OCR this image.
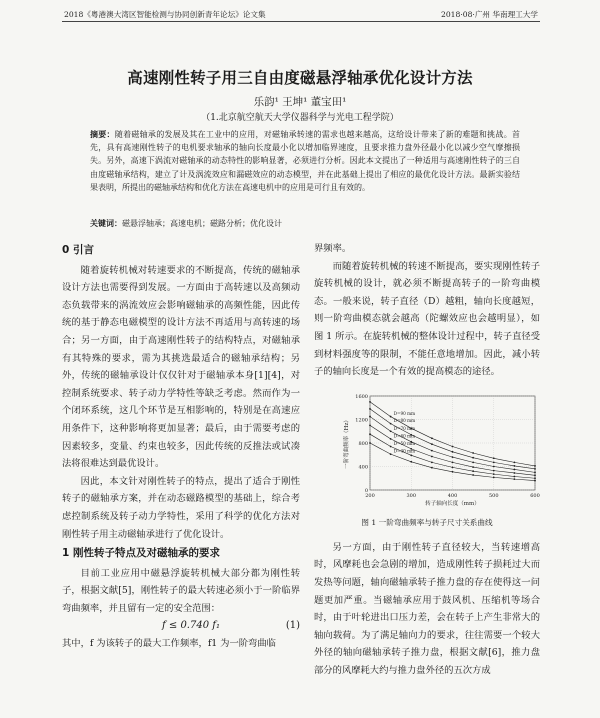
2018《粤港澳大湾区智能检测与协同创新青年论坛》论文集	2018·08·广州 华南理工大学
高速刚性转子用三自由度磁悬浮轴承优化设计方法
乐韵¹ 王坤¹ 董宝田¹
（1.北京航空航天大学仪器科学与光电工程学院）
摘要：随着磁轴承的发展及其在工业中的应用，对磁轴承转速的需求也越来越高，这给设计带来了新的难题和挑战。首先，具有高速刚性转子的电机要求轴承的轴向长度最小化以增加临界速度，且要求推力盘外径最小化以减少空气摩擦损失。另外，高速下涡流对磁轴承的动态特性的影响显著，必须进行分析。因此本文提出了一种适用与高速刚性转子的三自由度磁轴承结构，建立了计及涡流效应和漏磁效应的动态模型，并在此基础上提出了相应的最优化设计方法。最新实验结果表明，所提出的磁轴承结构和优化方法在高速电机中的应用是可行且有效的。
关键词：磁悬浮轴承；高速电机；磁路分析；优化设计

0 引言

随着旋转机械对转速要求的不断提高，传统的磁轴承设计方法也需要得到发展。一方面由于高转速以及高频动态负载带来的涡流效应会影响磁轴承的高频性能，因此传统的基于静态电磁模型的设计方法不再适用与高转速的场合；另一方面，由于高速刚性转子的结构特点，对磁轴承有其特殊的要求，需为其挑选最适合的磁轴承结构；另外，传统的磁轴承设计仅仅针对于磁轴承本身[1][4]，对控制系统要求、转子动力学特性等缺乏考虑。然而作为一个闭环系统，这几个环节是互相影响的，特别是在高速应用条件下，这种影响将更加显著；最后，由于需要考虑的因素较多，变量、约束也较多，因此传统的反推法或试凑法将很难达到最优设计。

因此，本文针对刚性转子的特点，提出了适合于刚性转子的磁轴承方案，并在动态磁路模型的基础上，综合考虑控制系统及转子动力学特性，采用了科学的优化方法对刚性转子用主动磁轴承进行了优化设计。

1 刚性转子特点及对磁轴承的要求

目前工业应用中磁悬浮旋转机械大部分都为刚性转子，根据文献[5]，刚性转子的最大转速必须小于一阶临界弯曲频率，并且留有一定的安全范围：

f ≤ 0.740 f₁	(1)

其中，f 为该转子的最大工作频率，f1 为一阶弯曲临

界频率。

而随着旋转机械的转速不断提高，要实现刚性转子旋转机械的设计，就必须不断提高转子的一阶弯曲模态。一般来说，转子直径（D）越粗，轴向长度越短，则一阶弯曲模态就会越高（陀螺效应也会越明显），如图 1 所示。在旋转机械的整体设计过程中，转子直径受到材料强度等的限制，不能任意地增加。因此，减小转子的轴向长度是一个有效的提高模态的途径。

另一方面，由于刚性转子直径较大，当转速增高时，风摩耗也会急剧的增加，造成刚性转子损耗过大而发热等问题，轴向磁轴承转子推力盘的存在使得这一问题更加严重。当磁轴承应用于鼓风机、压缩机等场合时，由于叶轮进出口压力差，会在转子上产生非常大的轴向载荷。为了满足轴向力的要求，往往需要一个较大外径的轴向磁轴承转子推力盘，根据文献[6]，推力盘部分的风摩耗大约与推力盘外径的五次方成

0
400
800
1200
1600
200	300	400	500	600
转子轴向长度（mm）
一阶弯曲频率（Hz）
D=90 mm
D=80 mm
D=70 mm
D=60 mm
D=50 mm
D=40 mm
图 1 一阶弯曲频率与转子尺寸关系曲线
